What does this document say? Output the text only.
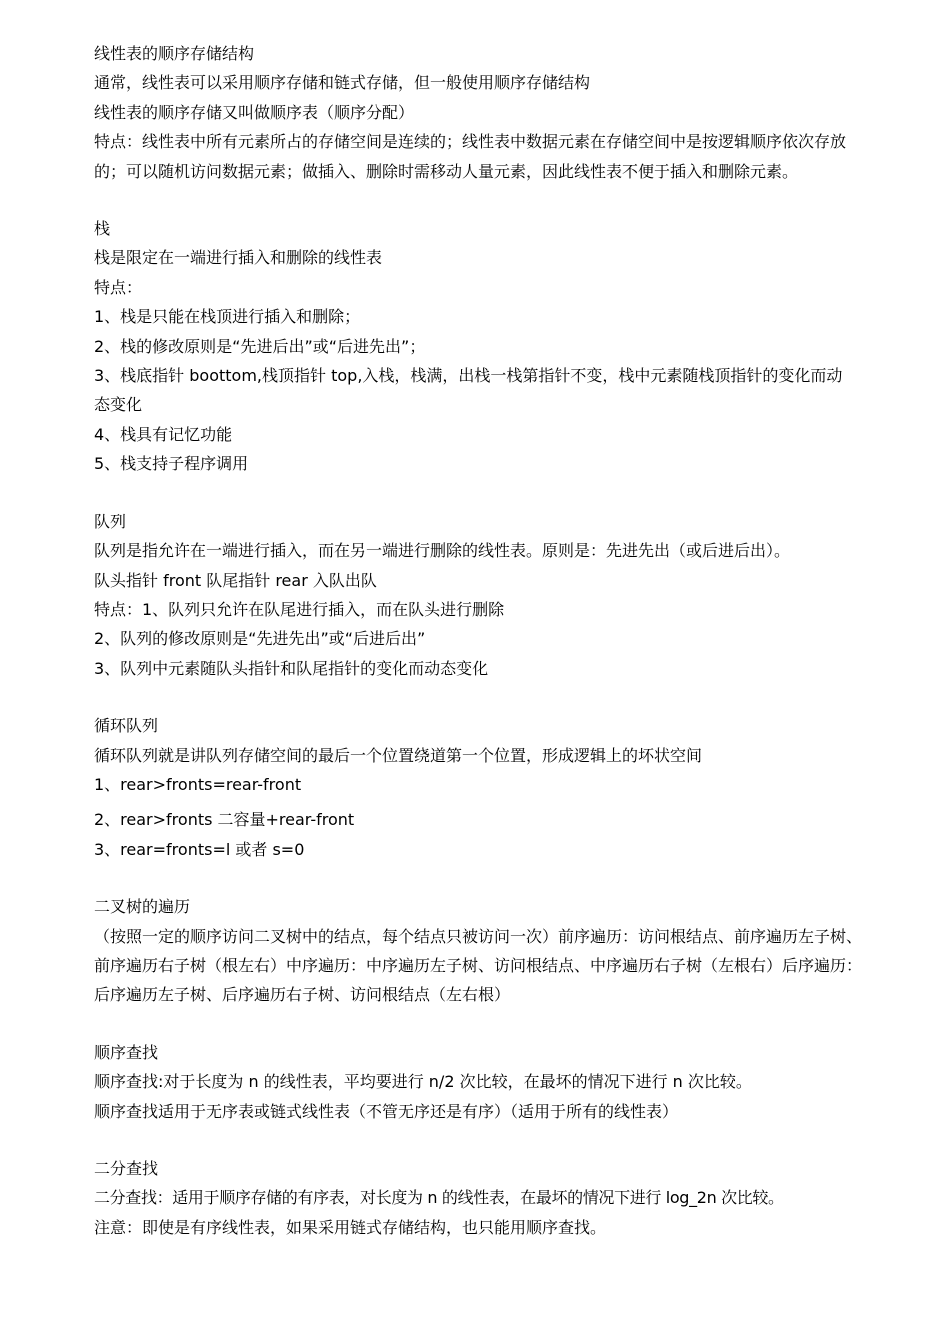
线性表的顺序存储结构
通常，线性表可以采用顺序存储和链式存储，但一般使用顺序存储结构
线性表的顺序存储又叫做顺序表（顺序分配）
特点：线性表中所有元素所占的存储空间是连续的；线性表中数据元素在存储空间中是按逻辑顺序依次存放的；可以随机访问数据元素；做插入、删除时需移动人量元素，因此线性表不便于插入和删除元素。
栈
栈是限定在一端进行插入和删除的线性表
特点：
1、栈是只能在栈顶进行插入和删除；
2、栈的修改原则是“先进后出”或“后进先出”；
3、栈底指针 boottom,栈顶指针 top,入栈，栈满，出栈一栈第指针不变，栈中元素随栈顶指针的变化而动态变化
4、栈具有记忆功能
5、栈支持子程序调用
队列
队列是指允许在一端进行插入，而在另一端进行删除的线性表。原则是：先进先出（或后进后出）。
队头指针 front 队尾指针 rear 入队出队
特点：1、队列只允许在队尾进行插入，而在队头进行删除
2、队列的修改原则是“先进先出”或“后进后出”
3、队列中元素随队头指针和队尾指针的变化而动态变化
循环队列
循环队列就是讲队列存储空间的最后一个位置绕道第一个位置，形成逻辑上的坏状空间
1、rear>fronts=rear-front
2、rear>fronts 二容量+rear-front
3、rear=fronts=l 或者 s=0
二叉树的遍历
（按照一定的顺序访问二叉树中的结点，每个结点只被访问一次）前序遍历：访问根结点、前序遍历左子树、前序遍历右子树（根左右）中序遍历：中序遍历左子树、访问根结点、中序遍历右子树（左根右）后序遍历：后序遍历左子树、后序遍历右子树、访问根结点（左右根）
顺序查找
顺序查找:对于长度为 n 的线性表，平均要进行 n/2 次比较，在最坏的情况下进行 n 次比较。
顺序查找适用于无序表或链式线性表（不管无序还是有序）（适用于所有的线性表）
二分查找
二分查找：适用于顺序存储的有序表，对长度为 n 的线性表，在最坏的情况下进行 log_2n 次比较。
注意：即使是有序线性表，如果采用链式存储结构，也只能用顺序查找。
